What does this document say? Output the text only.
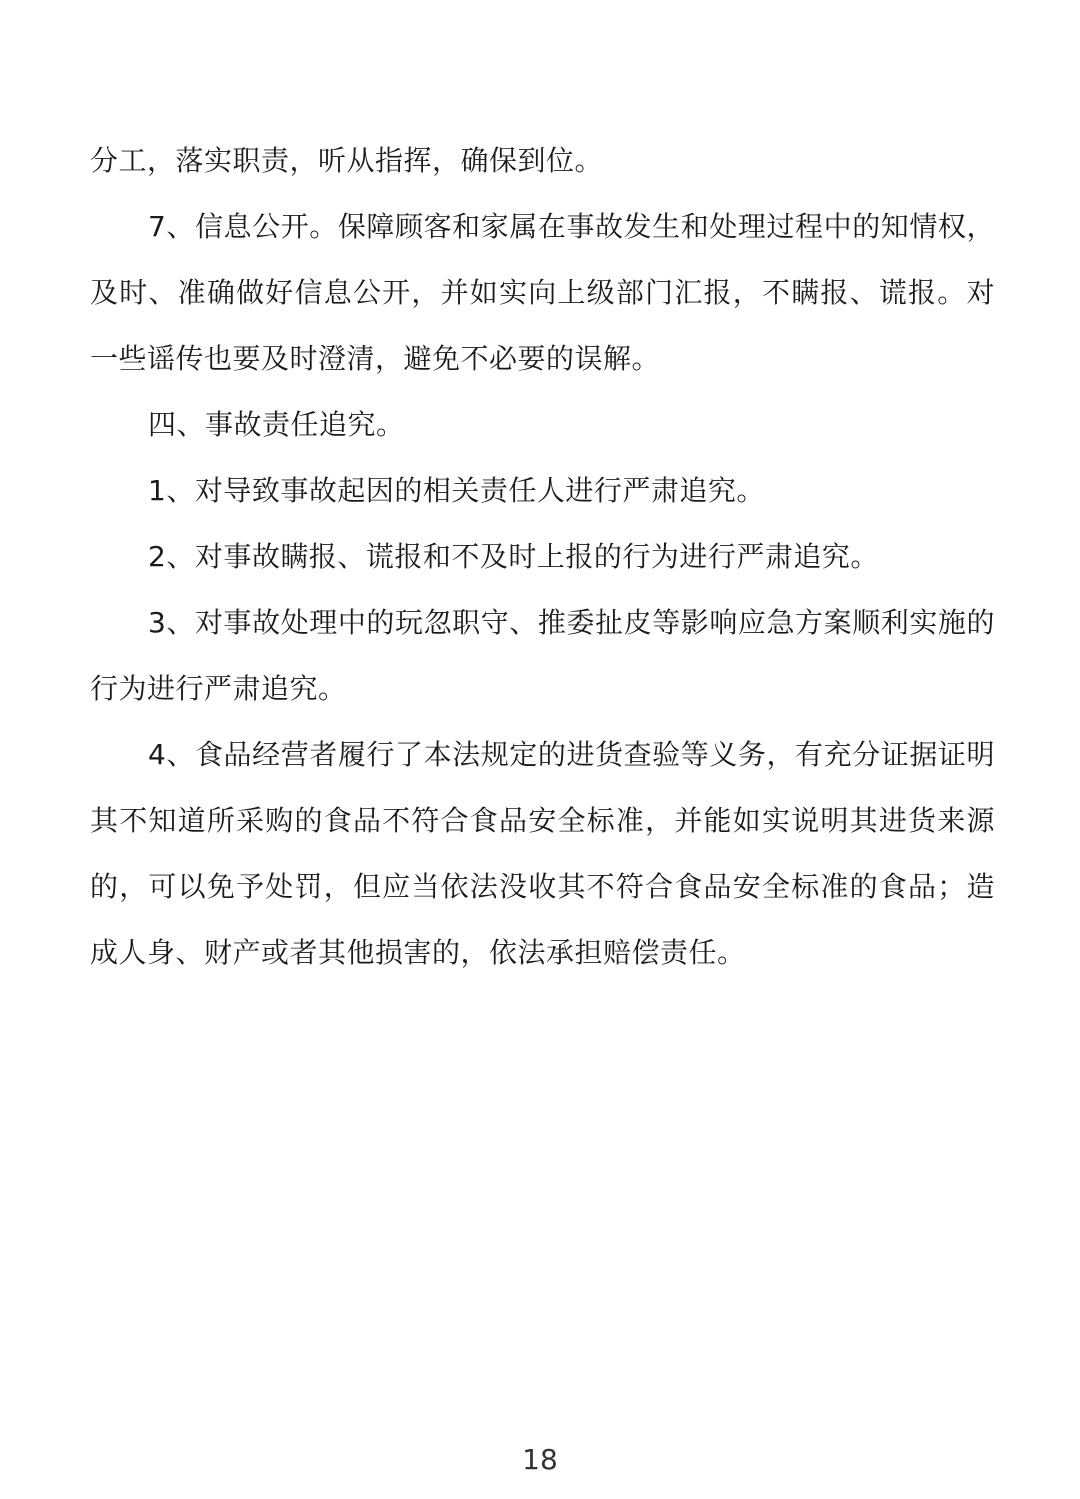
分工，落实职责，听从指挥，确保到位。

7、信息公开。保障顾客和家属在事故发生和处理过程中的知情权，及时、准确做好信息公开，并如实向上级部门汇报，不瞒报、谎报。对一些谣传也要及时澄清，避免不必要的误解。

四、事故责任追究。

1、对导致事故起因的相关责任人进行严肃追究。

2、对事故瞒报、谎报和不及时上报的行为进行严肃追究。

3、对事故处理中的玩忽职守、推委扯皮等影响应急方案顺利实施的行为进行严肃追究。

4、食品经营者履行了本法规定的进货查验等义务，有充分证据证明其不知道所采购的食品不符合食品安全标准，并能如实说明其进货来源的，可以免予处罚，但应当依法没收其不符合食品安全标准的食品；造成人身、财产或者其他损害的，依法承担赔偿责任。

18
